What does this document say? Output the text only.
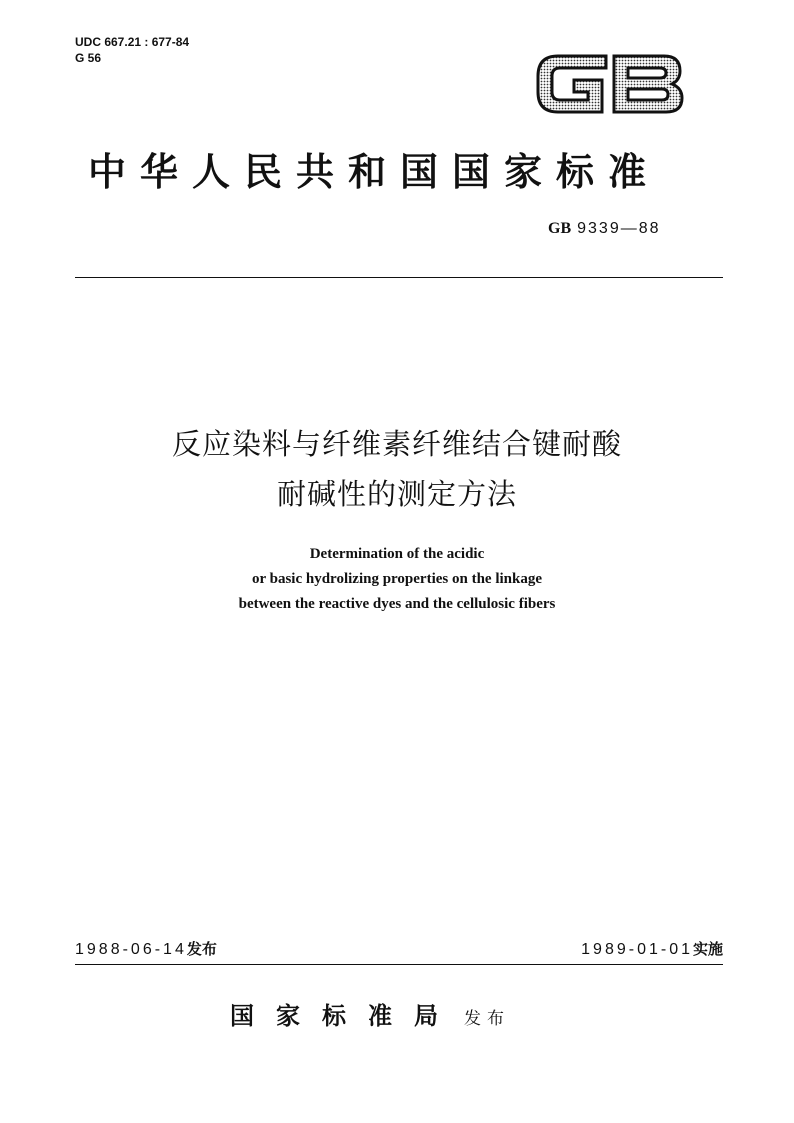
UDC 667.21 : 677-84
G 56
中华人民共和国国家标准
GB 9339—88
反应染料与纤维素纤维结合键耐酸
耐碱性的测定方法
Determination of the acidic
or basic hydrolizing properties on the linkage
between the reactive dyes and the cellulosic fibers
1988-06-14发布	1989-01-01实施
国家标准局 发布
